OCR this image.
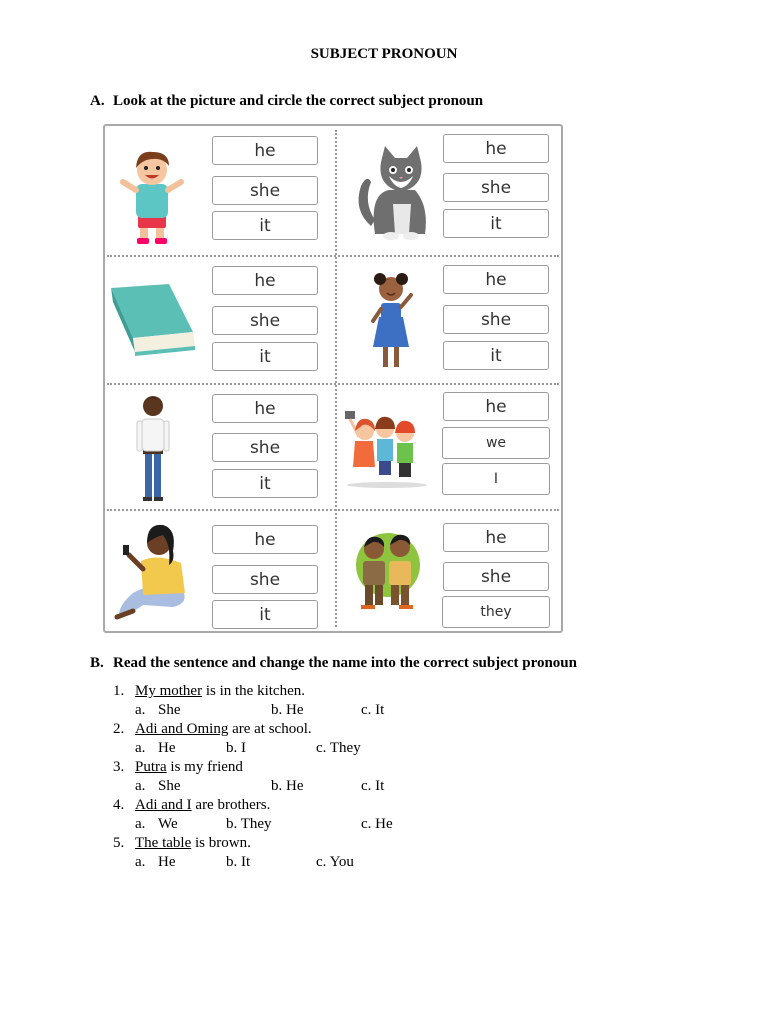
SUBJECT PRONOUN
A. Look at the picture and circle the correct subject pronoun
he
she
it
he
she
it
he
she
it
he
she
it
he
she
it
he
we
I
he
she
it
he
she
they
B. Read the sentence and change the name into the correct subject pronoun
1. My mother is in the kitchen.
a. She	b. He	c. It
2. Adi and Oming are at school.
a. He	b. I	c. They
3. Putra is my friend
a. She	b. He	c. It
4. Adi and I are brothers.
a. We	b. They	c. He
5. The table is brown.
a. He	b. It	c. You
